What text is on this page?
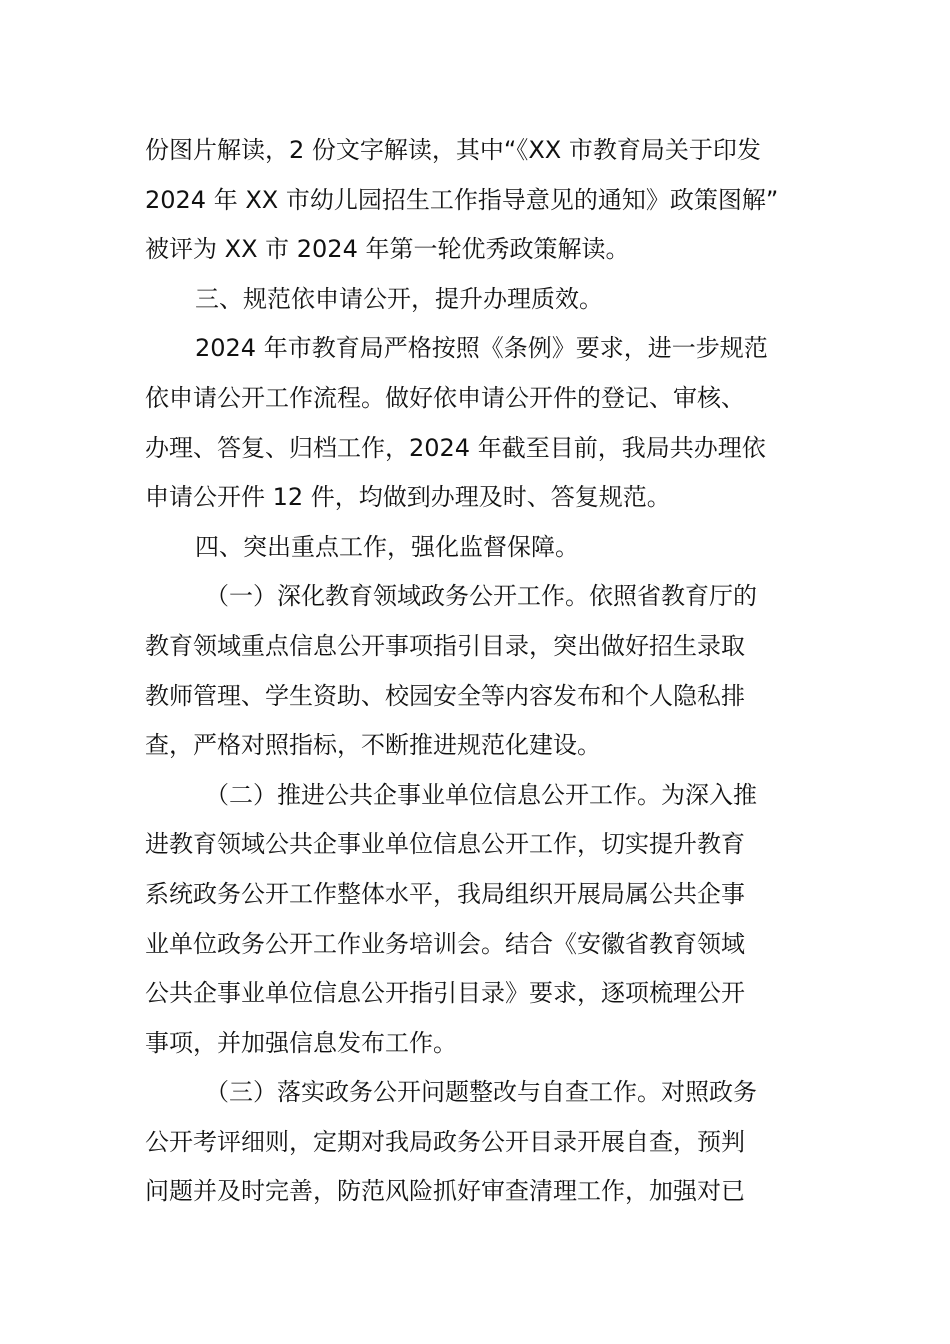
份图片解读，2 份文字解读，其中“《XX 市教育局关于印发
2024 年 XX 市幼儿园招生工作指导意见的通知》政策图解”
被评为 XX 市 2024 年第一轮优秀政策解读。
三、规范依申请公开，提升办理质效。
2024 年市教育局严格按照《条例》要求，进一步规范
依申请公开工作流程。做好依申请公开件的登记、审核、
办理、答复、归档工作，2024 年截至目前，我局共办理依
申请公开件 12 件，均做到办理及时、答复规范。
四、突出重点工作，强化监督保障。
（一）深化教育领域政务公开工作。依照省教育厅的
教育领域重点信息公开事项指引目录，突出做好招生录取
教师管理、学生资助、校园安全等内容发布和个人隐私排
查，严格对照指标，不断推进规范化建设。
（二）推进公共企事业单位信息公开工作。为深入推
进教育领域公共企事业单位信息公开工作，切实提升教育
系统政务公开工作整体水平，我局组织开展局属公共企事
业单位政务公开工作业务培训会。结合《安徽省教育领域
公共企事业单位信息公开指引目录》要求，逐项梳理公开
事项，并加强信息发布工作。
（三）落实政务公开问题整改与自查工作。对照政务
公开考评细则，定期对我局政务公开目录开展自查，预判
问题并及时完善，防范风险抓好审查清理工作，加强对已
